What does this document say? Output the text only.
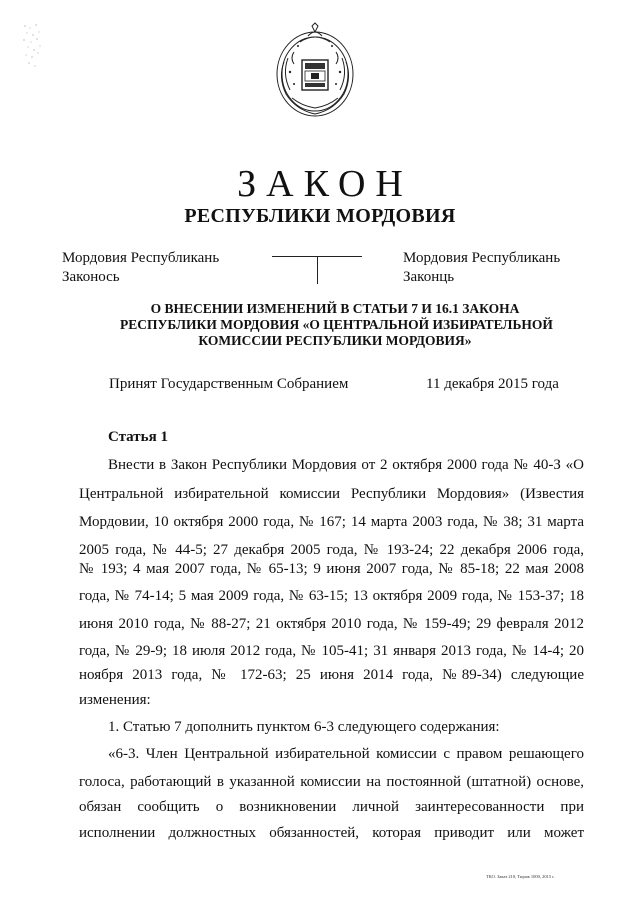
ЗАКОН
РЕСПУБЛИКИ МОРДОВИЯ
Мордовия Республикань
Законось
Мордовия Республикань
Законць
О ВНЕСЕНИИ ИЗМЕНЕНИЙ В СТАТЬИ 7 И 16.1 ЗАКОНА
РЕСПУБЛИКИ МОРДОВИЯ «О ЦЕНТРАЛЬНОЙ ИЗБИРАТЕЛЬНОЙ
КОМИССИИ РЕСПУБЛИКИ МОРДОВИЯ»
Принят Государственным Собранием	11 декабря 2015 года
Статья 1
Внести в Закон Республики Мордовия от 2 октября 2000 года № 40-З «О
Центральной избирательной комиссии Республики Мордовия» (Известия
Мордовии, 10 октября 2000 года, № 167; 14 марта 2003 года, № 38; 31 марта
2005 года, № 44-5; 27 декабря 2005 года, № 193-24; 22 декабря 2006 года,
№ 193; 4 мая 2007 года, № 65-13; 9 июня 2007 года, № 85-18; 22 мая 2008
года, № 74-14; 5 мая 2009 года, № 63-15; 13 октября 2009 года, № 153-37; 18
июня 2010 года, № 88-27; 21 октября 2010 года, № 159-49; 29 февраля 2012
года, № 29-9; 18 июля 2012 года, № 105-41; 31 января 2013 года, № 14-4; 20
ноября 2013 года, № 172-63; 25 июня 2014 года, №89-34) следующие
изменения:
1. Статью 7 дополнить пунктом 6-3 следующего содержания:
«6-3. Член Центральной избирательной комиссии с правом решающего
голоса, работающий в указанной комиссии на постоянной (штатной) основе,
обязан сообщить о возникновении личной заинтересованности при
исполнении должностных обязанностей, которая приводит или может
ТКО. Заказ 210, Тираж 1000, 2015 г.
